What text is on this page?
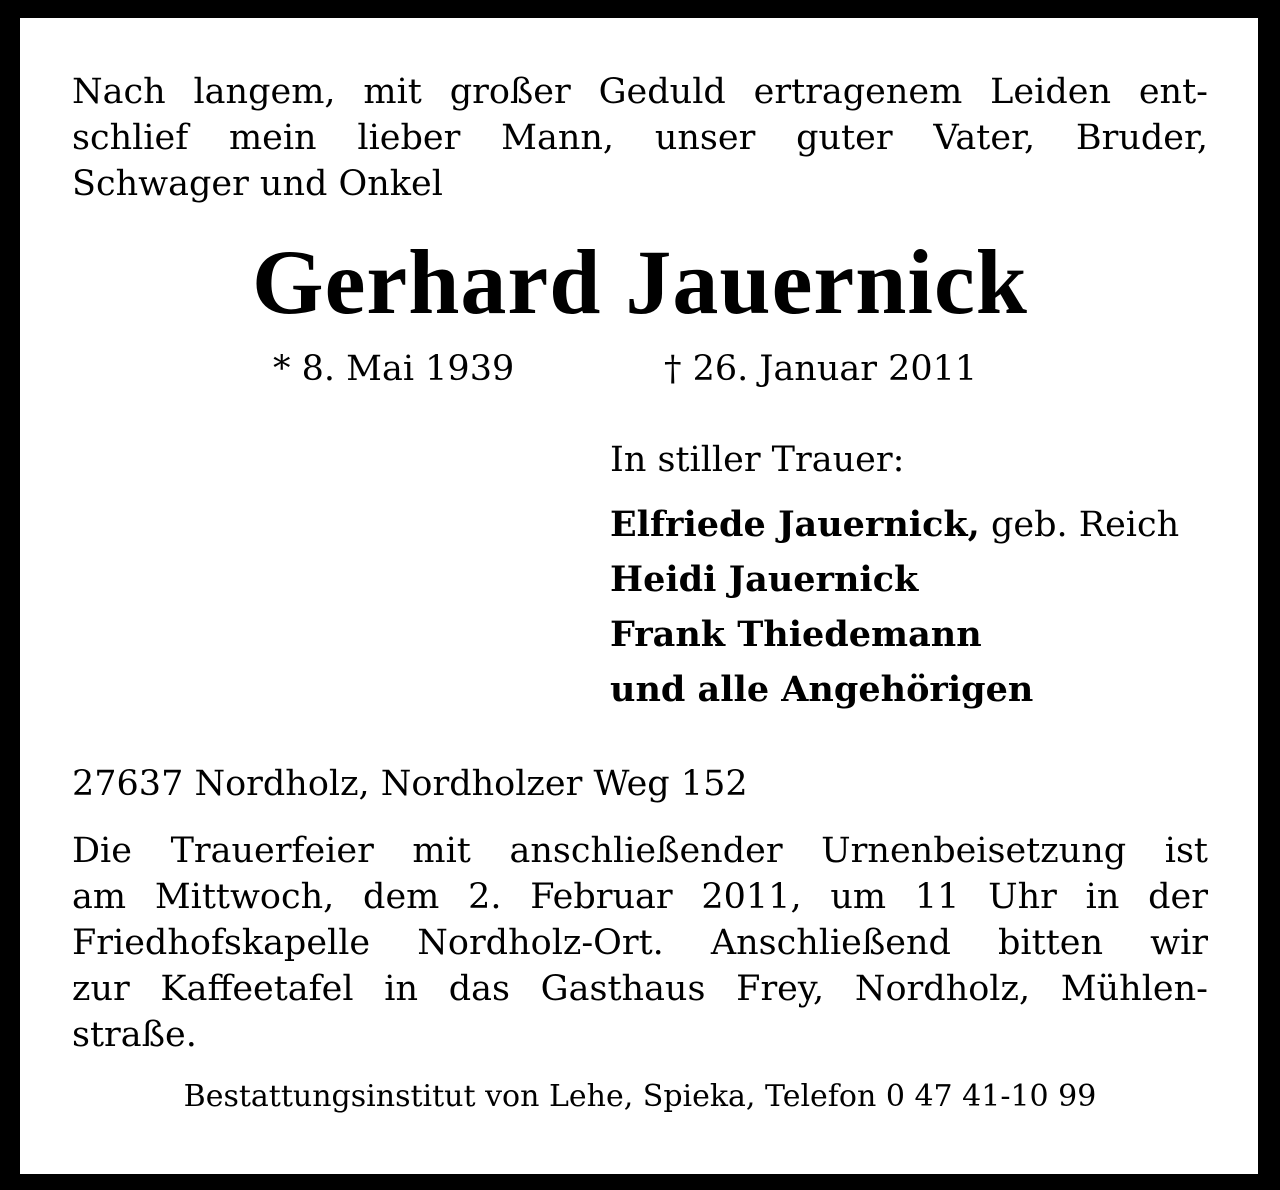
Nach langem, mit großer Geduld ertragenem Leiden ent-
schlief mein lieber Mann, unser guter Vater, Bruder,
Schwager und Onkel
Gerhard Jauernick
* 8. Mai 1939	† 26. Januar 2011
In stiller Trauer:
Elfriede Jauernick, geb. Reich
Heidi Jauernick
Frank Thiedemann
und alle Angehörigen
27637 Nordholz, Nordholzer Weg 152
Die Trauerfeier mit anschließender Urnenbeisetzung ist
am Mittwoch, dem 2. Februar 2011, um 11 Uhr in der
Friedhofskapelle Nordholz-Ort. Anschließend bitten wir
zur Kaffeetafel in das Gasthaus Frey, Nordholz, Mühlen-
straße.
Bestattungsinstitut von Lehe, Spieka, Telefon 0 47 41-10 99
